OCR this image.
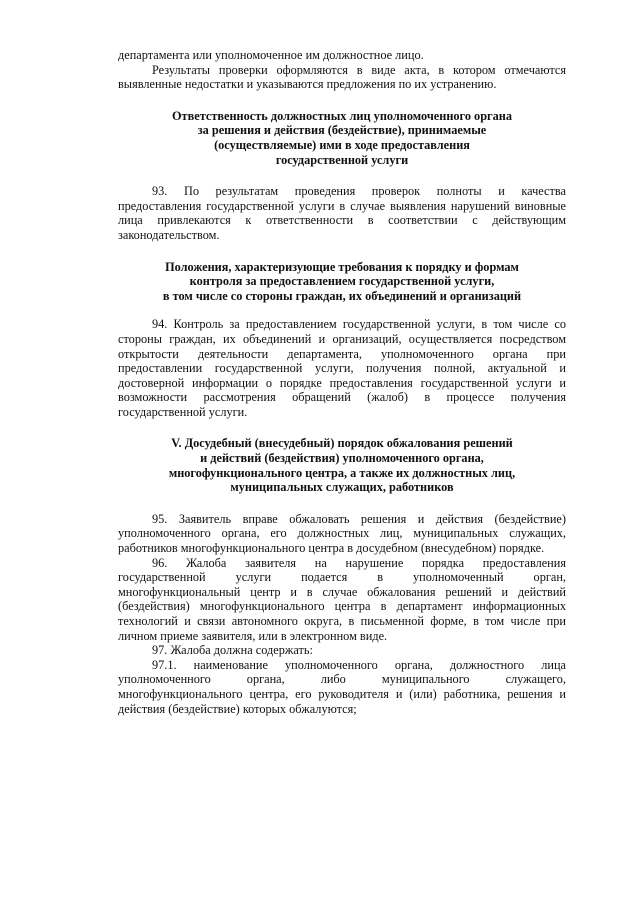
департамента или уполномоченное им должностное лицо.

Результаты проверки оформляются в виде акта, в котором отмечаются
выявленные недостатки и указываются предложения по их устранению.

Ответственность должностных лиц уполномоченного органа
за решения и действия (бездействие), принимаемые
(осуществляемые) ими в ходе предоставления
государственной услуги

93. По результатам проведения проверок полноты и качества
предоставления государственной услуги в случае выявления нарушений виновные
лица привлекаются к ответственности в соответствии с действующим
законодательством.

Положения, характеризующие требования к порядку и формам
контроля за предоставлением государственной услуги,
в том числе со стороны граждан, их объединений и организаций

94. Контроль за предоставлением государственной услуги, в том числе со
стороны граждан, их объединений и организаций, осуществляется посредством
открытости деятельности департамента, уполномоченного органа при
предоставлении государственной услуги, получения полной, актуальной и
достоверной информации о порядке предоставления государственной услуги и
возможности рассмотрения обращений (жалоб) в процессе получения
государственной услуги.

V. Досудебный (внесудебный) порядок обжалования решений
и действий (бездействия) уполномоченного органа,
многофункционального центра, а также их должностных лиц,
муниципальных служащих, работников

95. Заявитель вправе обжаловать решения и действия (бездействие)
уполномоченного органа, его должностных лиц, муниципальных служащих,
работников многофункционального центра в досудебном (внесудебном) порядке.

96. Жалоба заявителя на нарушение порядка предоставления
государственной услуги подается в уполномоченный орган,
многофункциональный центр и в случае обжалования решений и действий
(бездействия) многофункционального центра в департамент информационных
технологий и связи автономного округа, в письменной форме, в том числе при
личном приеме заявителя, или в электронном виде.

97. Жалоба должна содержать:

97.1. наименование уполномоченного органа, должностного лица
уполномоченного органа, либо муниципального служащего,
многофункционального центра, его руководителя и (или) работника, решения и
действия (бездействие) которых обжалуются;
